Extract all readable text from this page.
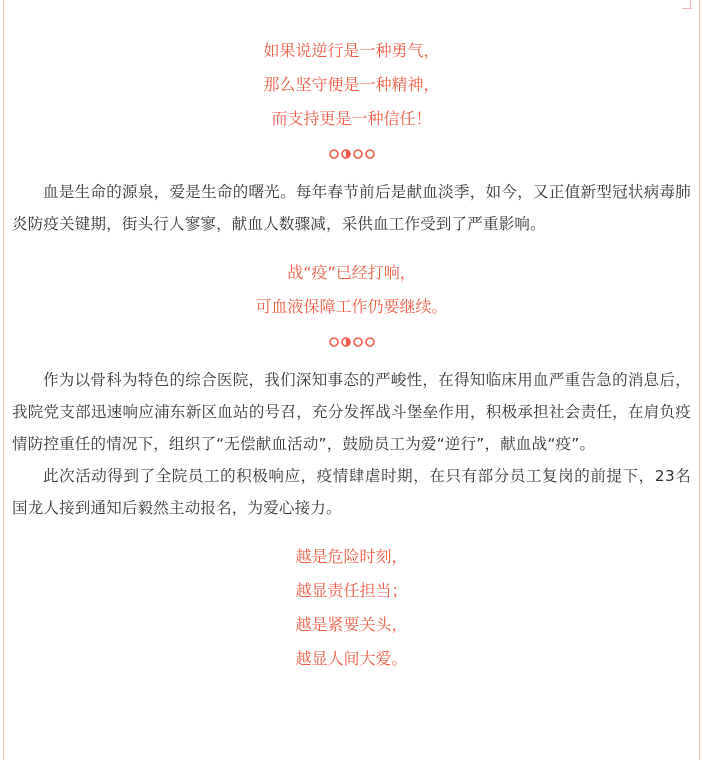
如果说逆行是一种勇气，

那么坚守便是一种精神，

而支持更是一种信任！

血是生命的源泉，爱是生命的曙光。每年春节前后是献血淡季，如今，又正值新型冠状病毒肺炎防疫关键期，街头行人寥寥，献血人数骤减，采供血工作受到了严重影响。

战“疫”已经打响，

可血液保障工作仍要继续。

作为以骨科为特色的综合医院，我们深知事态的严峻性，在得知临床用血严重告急的消息后，我院党支部迅速响应浦东新区血站的号召，充分发挥战斗堡垒作用，积极承担社会责任，在肩负疫情防控重任的情况下，组织了“无偿献血活动”，鼓励员工为爱“逆行”，献血战“疫”。

此次活动得到了全院员工的积极响应，疫情肆虐时期，在只有部分员工复岗的前提下，23名国龙人接到通知后毅然主动报名，为爱心接力。

越是危险时刻，

越显责任担当；

越是紧要关头，

越显人间大爱。
